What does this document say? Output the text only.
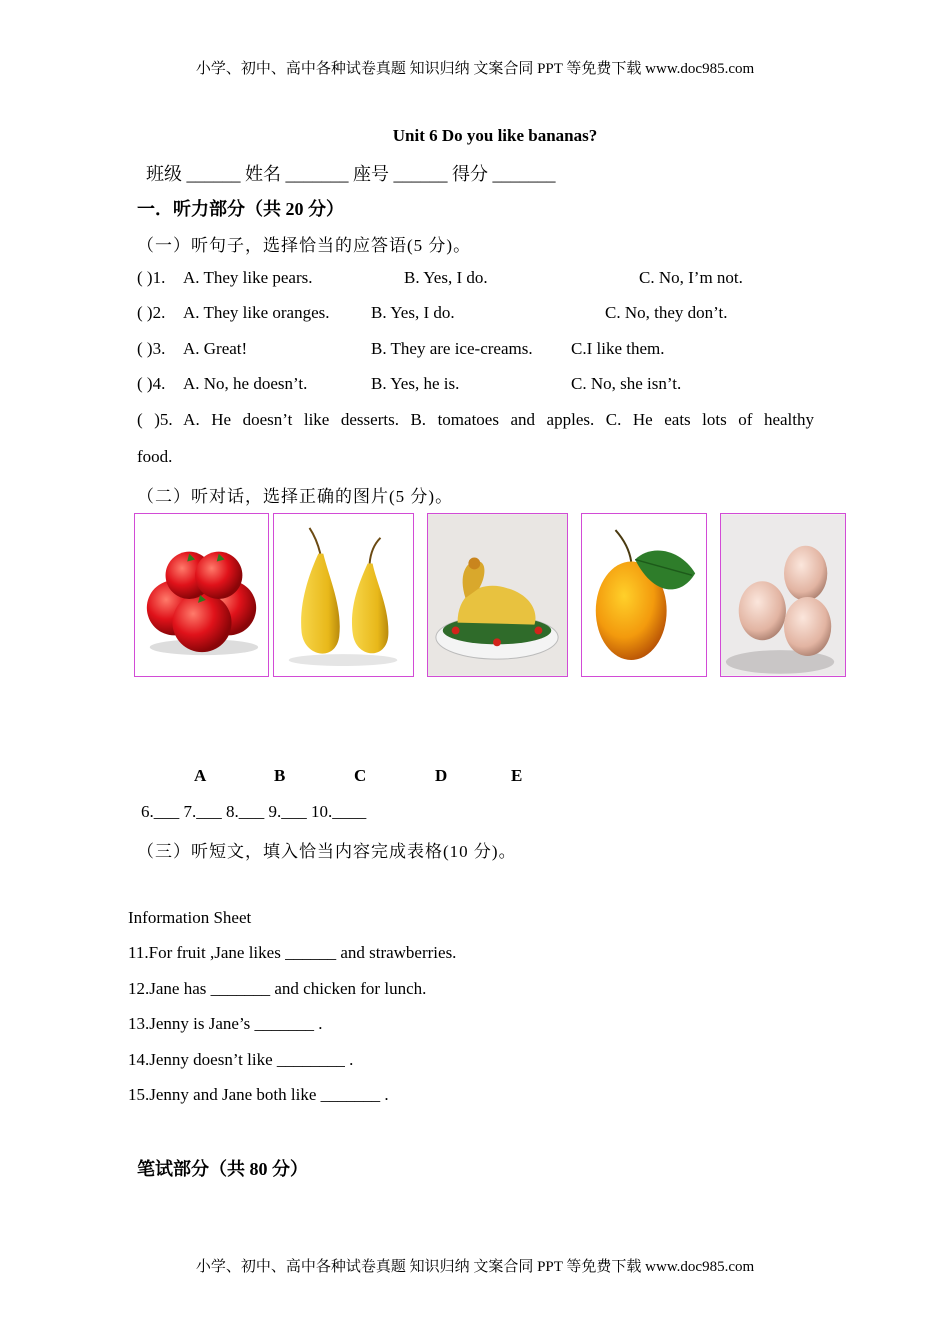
小学、初中、高中各种试卷真题 知识归纳 文案合同 PPT 等免费下载 www.doc985.com
Unit 6 Do you like bananas?
班级 ______ 姓名 _______ 座号 ______ 得分 _______
一．听力部分（共 20 分）
（一）听句子，选择恰当的应答语(5 分)。
( )1. A. They like pears.	B. Yes, I do.	C. No, I’m not.
( )2. A. They like oranges. B. Yes, I do.	C. No, they don’t.
( )3. A. Great!	B. They are ice-creams. C.I like them.
( )4. A. No, he doesn’t.	B. Yes, he is.	C. No, she isn’t.
( )5. A. He doesn’t like desserts. B. tomatoes and apples. C. He eats lots of healthy
food.
（二）听对话，选择正确的图片(5 分)。
A	B	C	D	E
6.___ 7.___ 8.___ 9.___ 10.____
（三）听短文，填入恰当内容完成表格(10 分)。
Information Sheet
11.For fruit ,Jane likes ______ and strawberries.
12.Jane has _______ and chicken for lunch.
13.Jenny is Jane’s _______ .
14.Jenny doesn’t like ________ .
15.Jenny and Jane both like _______ .
笔试部分（共 80 分）
小学、初中、高中各种试卷真题 知识归纳 文案合同 PPT 等免费下载 www.doc985.com
